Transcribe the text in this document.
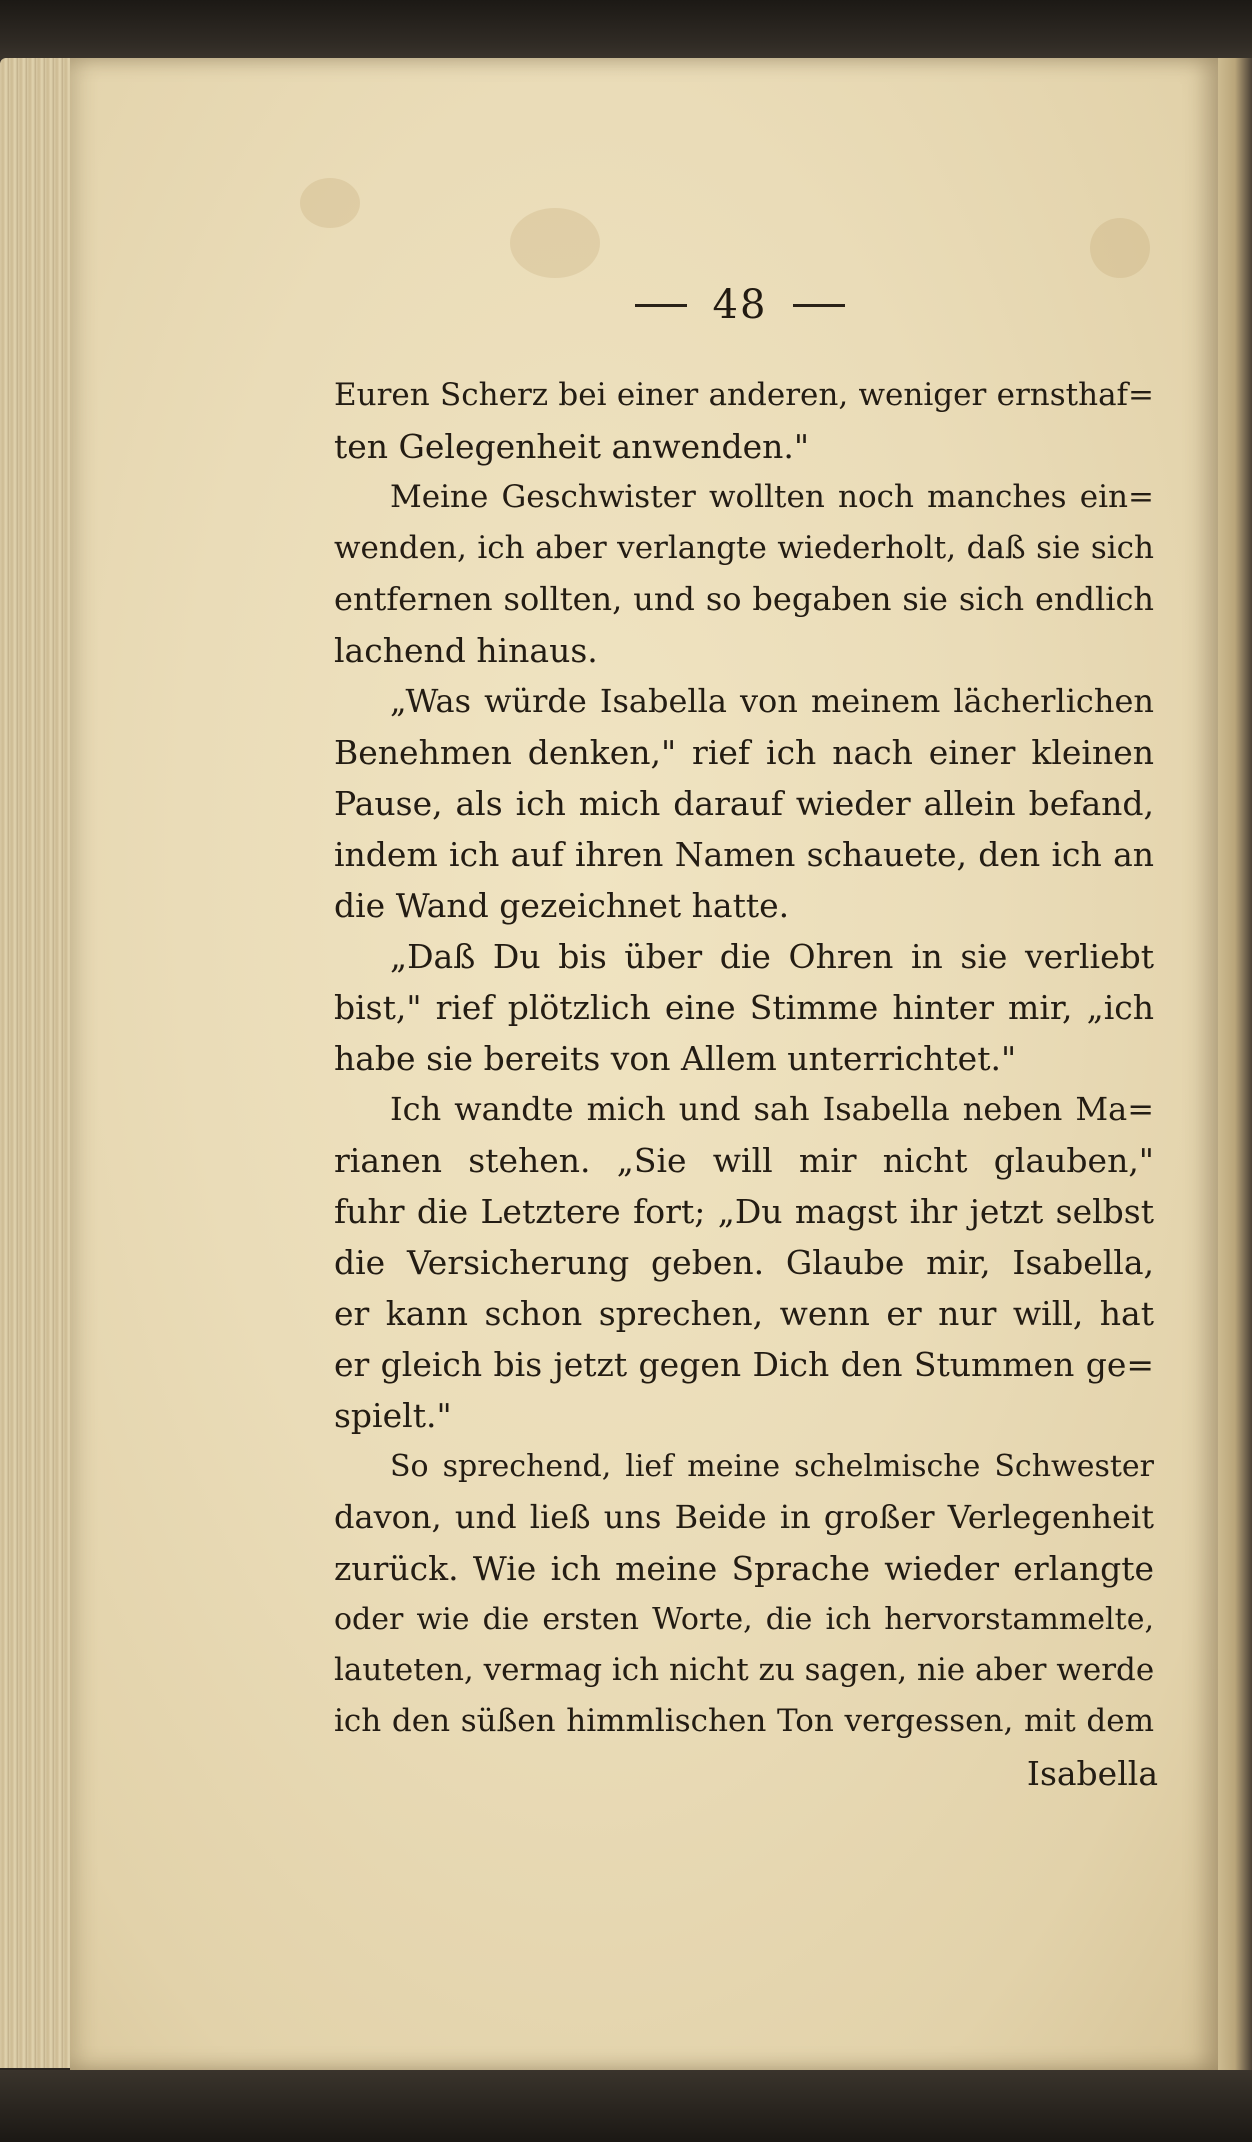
48
Euren Scherz bei einer anderen, weniger ernsthaf=
ten Gelegenheit anwenden."
Meine Geschwister wollten noch manches ein=
wenden, ich aber verlangte wiederholt, daß sie sich
entfernen sollten, und so begaben sie sich endlich
lachend hinaus.
„Was würde Isabella von meinem lächerlichen
Benehmen denken," rief ich nach einer kleinen
Pause, als ich mich darauf wieder allein befand,
indem ich auf ihren Namen schauete, den ich an
die Wand gezeichnet hatte.
„Daß Du bis über die Ohren in sie verliebt
bist," rief plötzlich eine Stimme hinter mir, „ich
habe sie bereits von Allem unterrichtet."
Ich wandte mich und sah Isabella neben Ma=
rianen stehen. „Sie will mir nicht glauben,"
fuhr die Letztere fort; „Du magst ihr jetzt selbst
die Versicherung geben. Glaube mir, Isabella,
er kann schon sprechen, wenn er nur will, hat
er gleich bis jetzt gegen Dich den Stummen ge=
spielt."
So sprechend, lief meine schelmische Schwester
davon, und ließ uns Beide in großer Verlegenheit
zurück. Wie ich meine Sprache wieder erlangte
oder wie die ersten Worte, die ich hervorstammelte,
lauteten, vermag ich nicht zu sagen, nie aber werde
ich den süßen himmlischen Ton vergessen, mit dem
Isabella
